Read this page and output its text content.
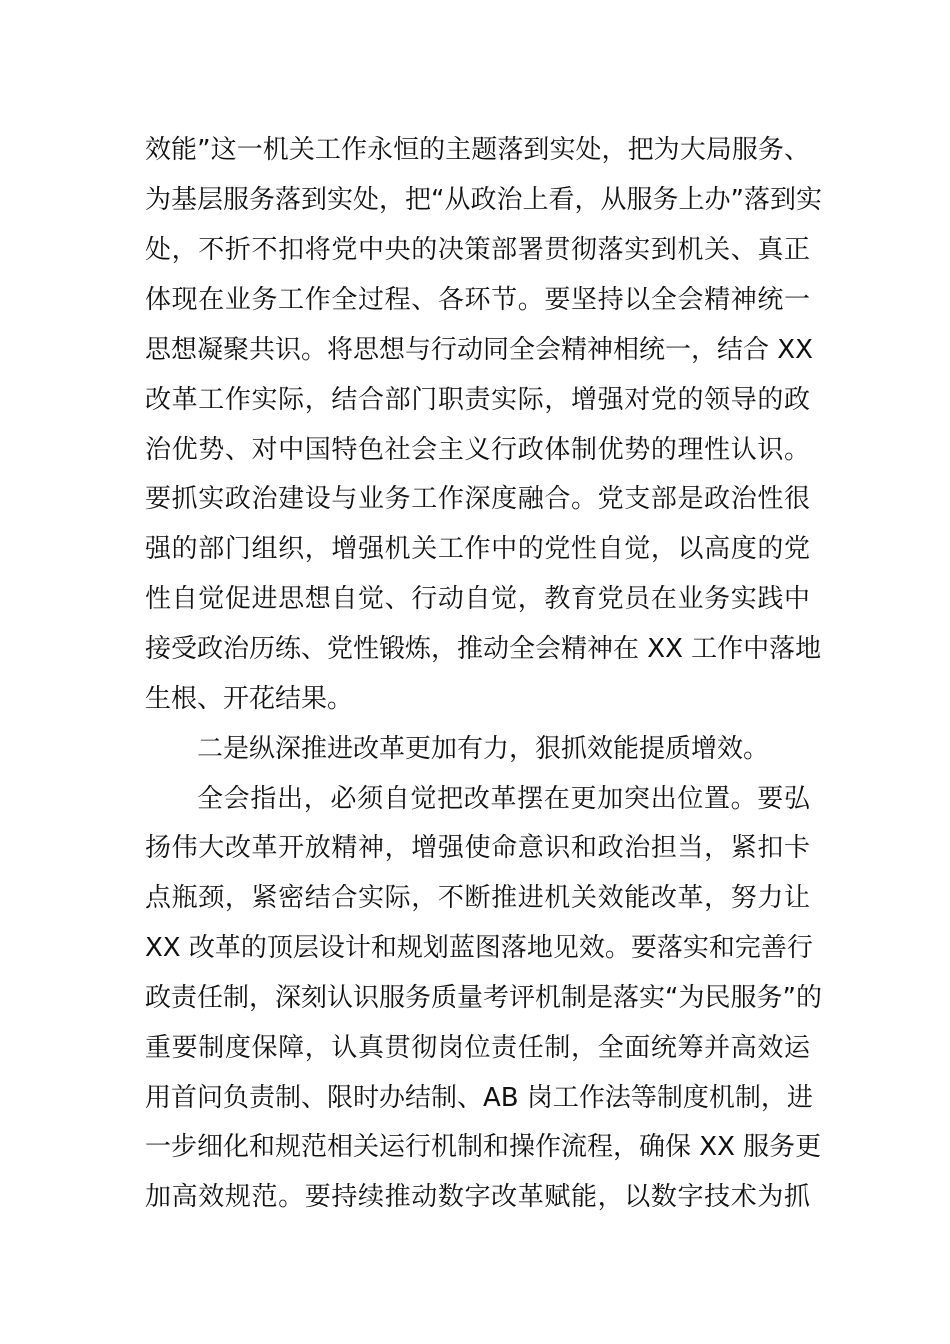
效能”这一机关工作永恒的主题落到实处，把为大局服务、
为基层服务落到实处，把“从政治上看，从服务上办”落到实
处，不折不扣将党中央的决策部署贯彻落实到机关、真正
体现在业务工作全过程、各环节。要坚持以全会精神统一
思想凝聚共识。将思想与行动同全会精神相统一，结合 XX
改革工作实际，结合部门职责实际，增强对党的领导的政
治优势、对中国特色社会主义行政体制优势的理性认识。
要抓实政治建设与业务工作深度融合。党支部是政治性很
强的部门组织，增强机关工作中的党性自觉，以高度的党
性自觉促进思想自觉、行动自觉，教育党员在业务实践中
接受政治历练、党性锻炼，推动全会精神在 XX 工作中落地
生根、开花结果。
二是纵深推进改革更加有力，狠抓效能提质增效。
全会指出，必须自觉把改革摆在更加突出位置。要弘
扬伟大改革开放精神，增强使命意识和政治担当，紧扣卡
点瓶颈，紧密结合实际，不断推进机关效能改革，努力让
XX 改革的顶层设计和规划蓝图落地见效。要落实和完善行
政责任制，深刻认识服务质量考评机制是落实“为民服务”的
重要制度保障，认真贯彻岗位责任制，全面统筹并高效运
用首问负责制、限时办结制、AB 岗工作法等制度机制，进
一步细化和规范相关运行机制和操作流程，确保 XX 服务更
加高效规范。要持续推动数字改革赋能，以数字技术为抓
